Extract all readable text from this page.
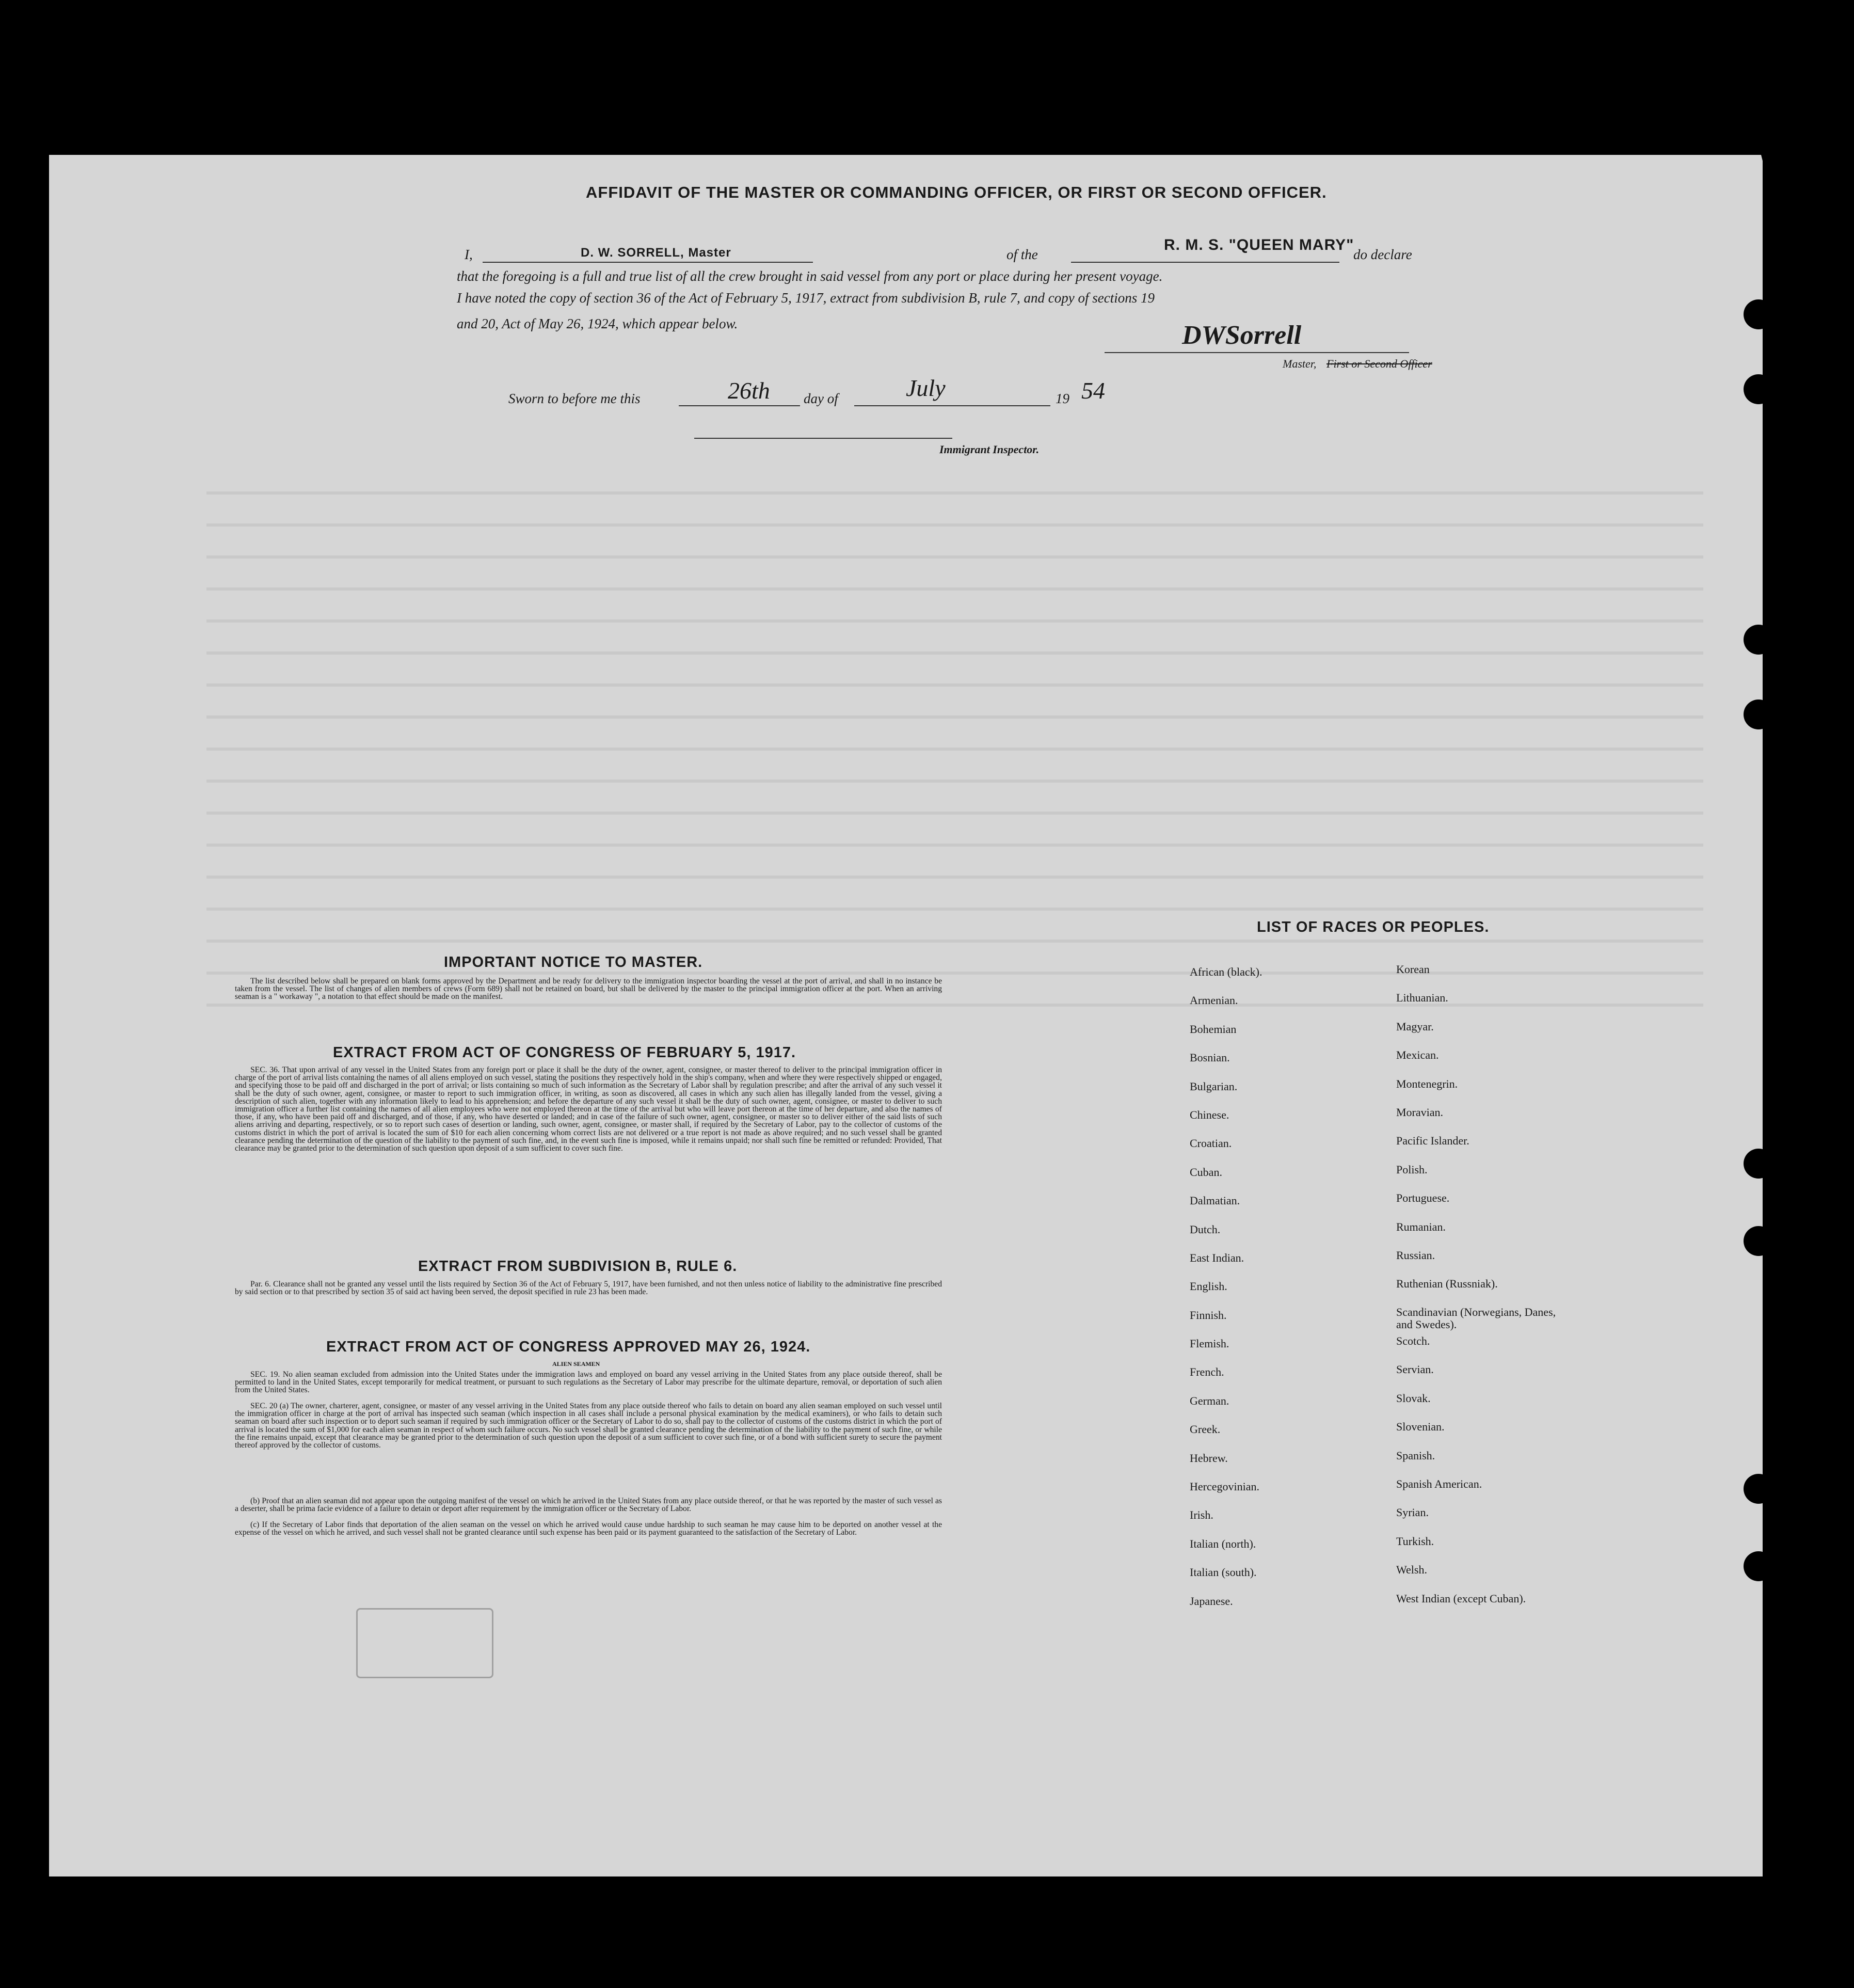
AFFIDAVIT OF THE MASTER OR COMMANDING OFFICER, OR FIRST OR SECOND OFFICER.
I,	D. W. SORRELL, Master	of the
R. M. S. "QUEEN MARY"
do declare
that the foregoing is a full and true list of all the crew brought in said vessel from any port or place during her present voyage.
I have noted the copy of section 36 of the Act of February 5, 1917, extract from subdivision B, rule 7, and copy of sections 19
and 20, Act of May 26, 1924, which appear below.	DWSorrell
Master, First or Second Officer
Sworn to before me this	26th day of	July	19 54
Immigrant Inspector.
IMPORTANT NOTICE TO MASTER.
The list described below shall be prepared on blank forms approved by the Department and be ready for delivery to the immigration inspector boarding the vessel at the port of arrival, and shall in no instance be taken from the vessel. The list of changes of alien members of crews (Form 689) shall not be retained on board, but shall be delivered by the master to the principal immigration officer at the port. When an arriving seaman is a " workaway ", a notation to that effect should be made on the manifest.
EXTRACT FROM ACT OF CONGRESS OF FEBRUARY 5, 1917.
SEC. 36. That upon arrival of any vessel in the United States from any foreign port or place it shall be the duty of the owner, agent, consignee, or master thereof to deliver to the principal immigration officer in charge of the port of arrival lists containing the names of all aliens employed on such vessel, stating the positions they respectively hold in the ship's company, when and where they were respectively shipped or engaged, and specifying those to be paid off and discharged in the port of arrival; or lists containing so much of such information as the Secretary of Labor shall by regulation prescribe; and after the arrival of any such vessel it shall be the duty of such owner, agent, consignee, or master to report to such immigration officer, in writing, as soon as discovered, all cases in which any such alien has illegally landed from the vessel, giving a description of such alien, together with any information likely to lead to his apprehension; and before the departure of any such vessel it shall be the duty of such owner, agent, consignee, or master to deliver to such immigration officer a further list containing the names of all alien employees who were not employed thereon at the time of the arrival but who will leave port thereon at the time of her departure, and also the names of those, if any, who have been paid off and discharged, and of those, if any, who have deserted or landed; and in case of the failure of such owner, agent, consignee, or master so to deliver either of the said lists of such aliens arriving and departing, respectively, or so to report such cases of desertion or landing, such owner, agent, consignee, or master shall, if required by the Secretary of Labor, pay to the collector of customs of the customs district in which the port of arrival is located the sum of $10 for each alien concerning whom correct lists are not delivered or a true report is not made as above required; and no such vessel shall be granted clearance pending the determination of the question of the liability to the payment of such fine, and, in the event such fine is imposed, while it remains unpaid; nor shall such fine be remitted or refunded: Provided, That clearance may be granted prior to the determination of such question upon deposit of a sum sufficient to cover such fine.
EXTRACT FROM SUBDIVISION B, RULE 6.
Par. 6. Clearance shall not be granted any vessel until the lists required by Section 36 of the Act of February 5, 1917, have been furnished, and not then unless notice of liability to the administrative fine prescribed by said section or to that prescribed by section 35 of said act having been served, the deposit specified in rule 23 has been made.
EXTRACT FROM ACT OF CONGRESS APPROVED MAY 26, 1924.
ALIEN SEAMEN
SEC. 19. No alien seaman excluded from admission into the United States under the immigration laws and employed on board any vessel arriving in the United States from any place outside thereof, shall be permitted to land in the United States, except temporarily for medical treatment, or pursuant to such regulations as the Secretary of Labor may prescribe for the ultimate departure, removal, or deportation of such alien from the United States.
SEC. 20 (a) The owner, charterer, agent, consignee, or master of any vessel arriving in the United States from any place outside thereof who fails to detain on board any alien seaman employed on such vessel until the immigration officer in charge at the port of arrival has inspected such seaman (which inspection in all cases shall include a personal physical examination by the medical examiners), or who fails to detain such seaman on board after such inspection or to deport such seaman if required by such immigration officer or the Secretary of Labor to do so, shall pay to the collector of customs of the customs district in which the port of arrival is located the sum of $1,000 for each alien seaman in respect of whom such failure occurs. No such vessel shall be granted clearance pending the determination of the liability to the payment of such fine, or while the fine remains unpaid, except that clearance may be granted prior to the determination of such question upon the deposit of a sum sufficient to cover such fine, or of a bond with sufficient surety to secure the payment thereof approved by the collector of customs.
(b) Proof that an alien seaman did not appear upon the outgoing manifest of the vessel on which he arrived in the United States from any place outside thereof, or that he was reported by the master of such vessel as a deserter, shall be prima facie evidence of a failure to detain or deport after requirement by the immigration officer or the Secretary of Labor.
(c) If the Secretary of Labor finds that deportation of the alien seaman on the vessel on which he arrived would cause undue hardship to such seaman he may cause him to be deported on another vessel at the expense of the vessel on which he arrived, and such vessel shall not be granted clearance until such expense has been paid or its payment guaranteed to the satisfaction of the Secretary of Labor.
LIST OF RACES OR PEOPLES.
African (black).
Armenian.
Bohemian
Bosnian.
Bulgarian.
Chinese.
Croatian.
Cuban.
Dalmatian.
Dutch.
East Indian.
English.
Finnish.
Flemish.
French.
German.
Greek.
Hebrew.
Hercegovinian.
Irish.
Italian (north).
Italian (south).
Japanese.
Korean
Lithuanian.
Magyar.
Mexican.
Montenegrin.
Moravian.
Pacific Islander.
Polish.
Portuguese.
Rumanian.
Russian.
Ruthenian (Russniak).
Scandinavian (Norwegians, Danes, and Swedes).
Scotch.
Servian.
Slovak.
Slovenian.
Spanish.
Spanish American.
Syrian.
Turkish.
Welsh.
West Indian (except Cuban).
